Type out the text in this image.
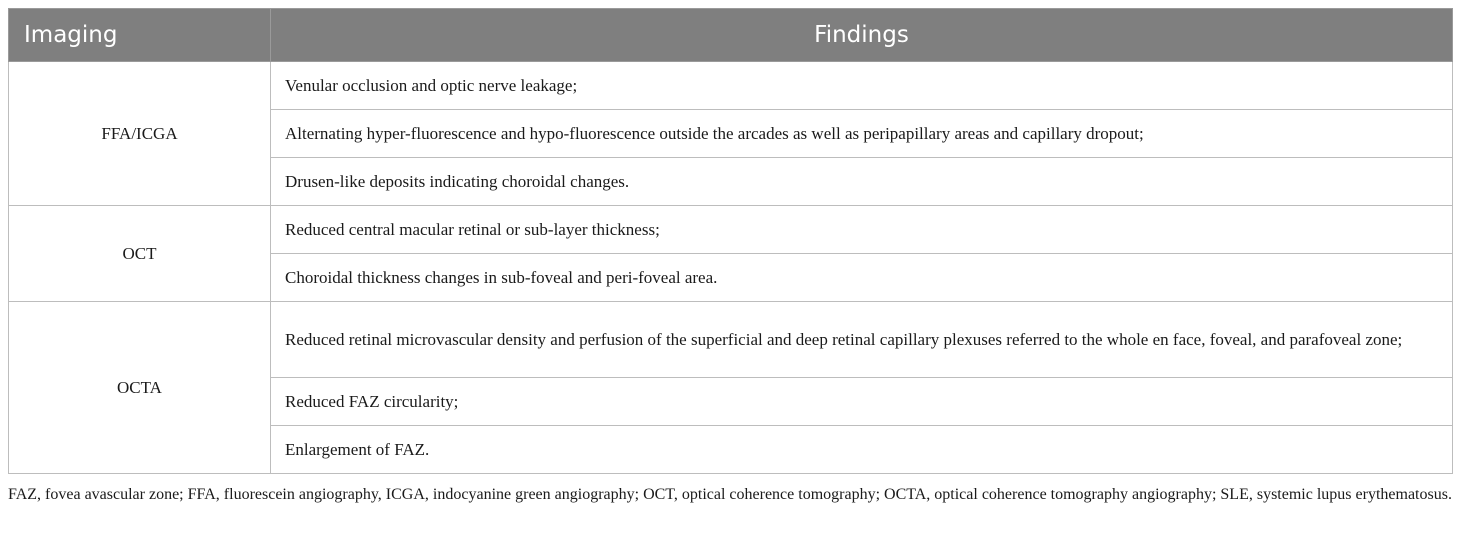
Imaging	Findings
FFA/ICGA	Venular occlusion and optic nerve leakage;
	Alternating hyper-fluorescence and hypo-fluorescence outside the arcades as well as peripapillary areas and capillary dropout;
	Drusen-like deposits indicating choroidal changes.
OCT	Reduced central macular retinal or sub-layer thickness;
	Choroidal thickness changes in sub-foveal and peri-foveal area.
OCTA	Reduced retinal microvascular density and perfusion of the superficial and deep retinal capillary plexuses referred to the whole en face, foveal, and parafoveal zone;
	Reduced FAZ circularity;
	Enlargement of FAZ.
FAZ, fovea avascular zone; FFA, fluorescein angiography, ICGA, indocyanine green angiography; OCT, optical coherence tomography; OCTA, optical coherence tomography angiography; SLE, systemic lupus erythematosus.
